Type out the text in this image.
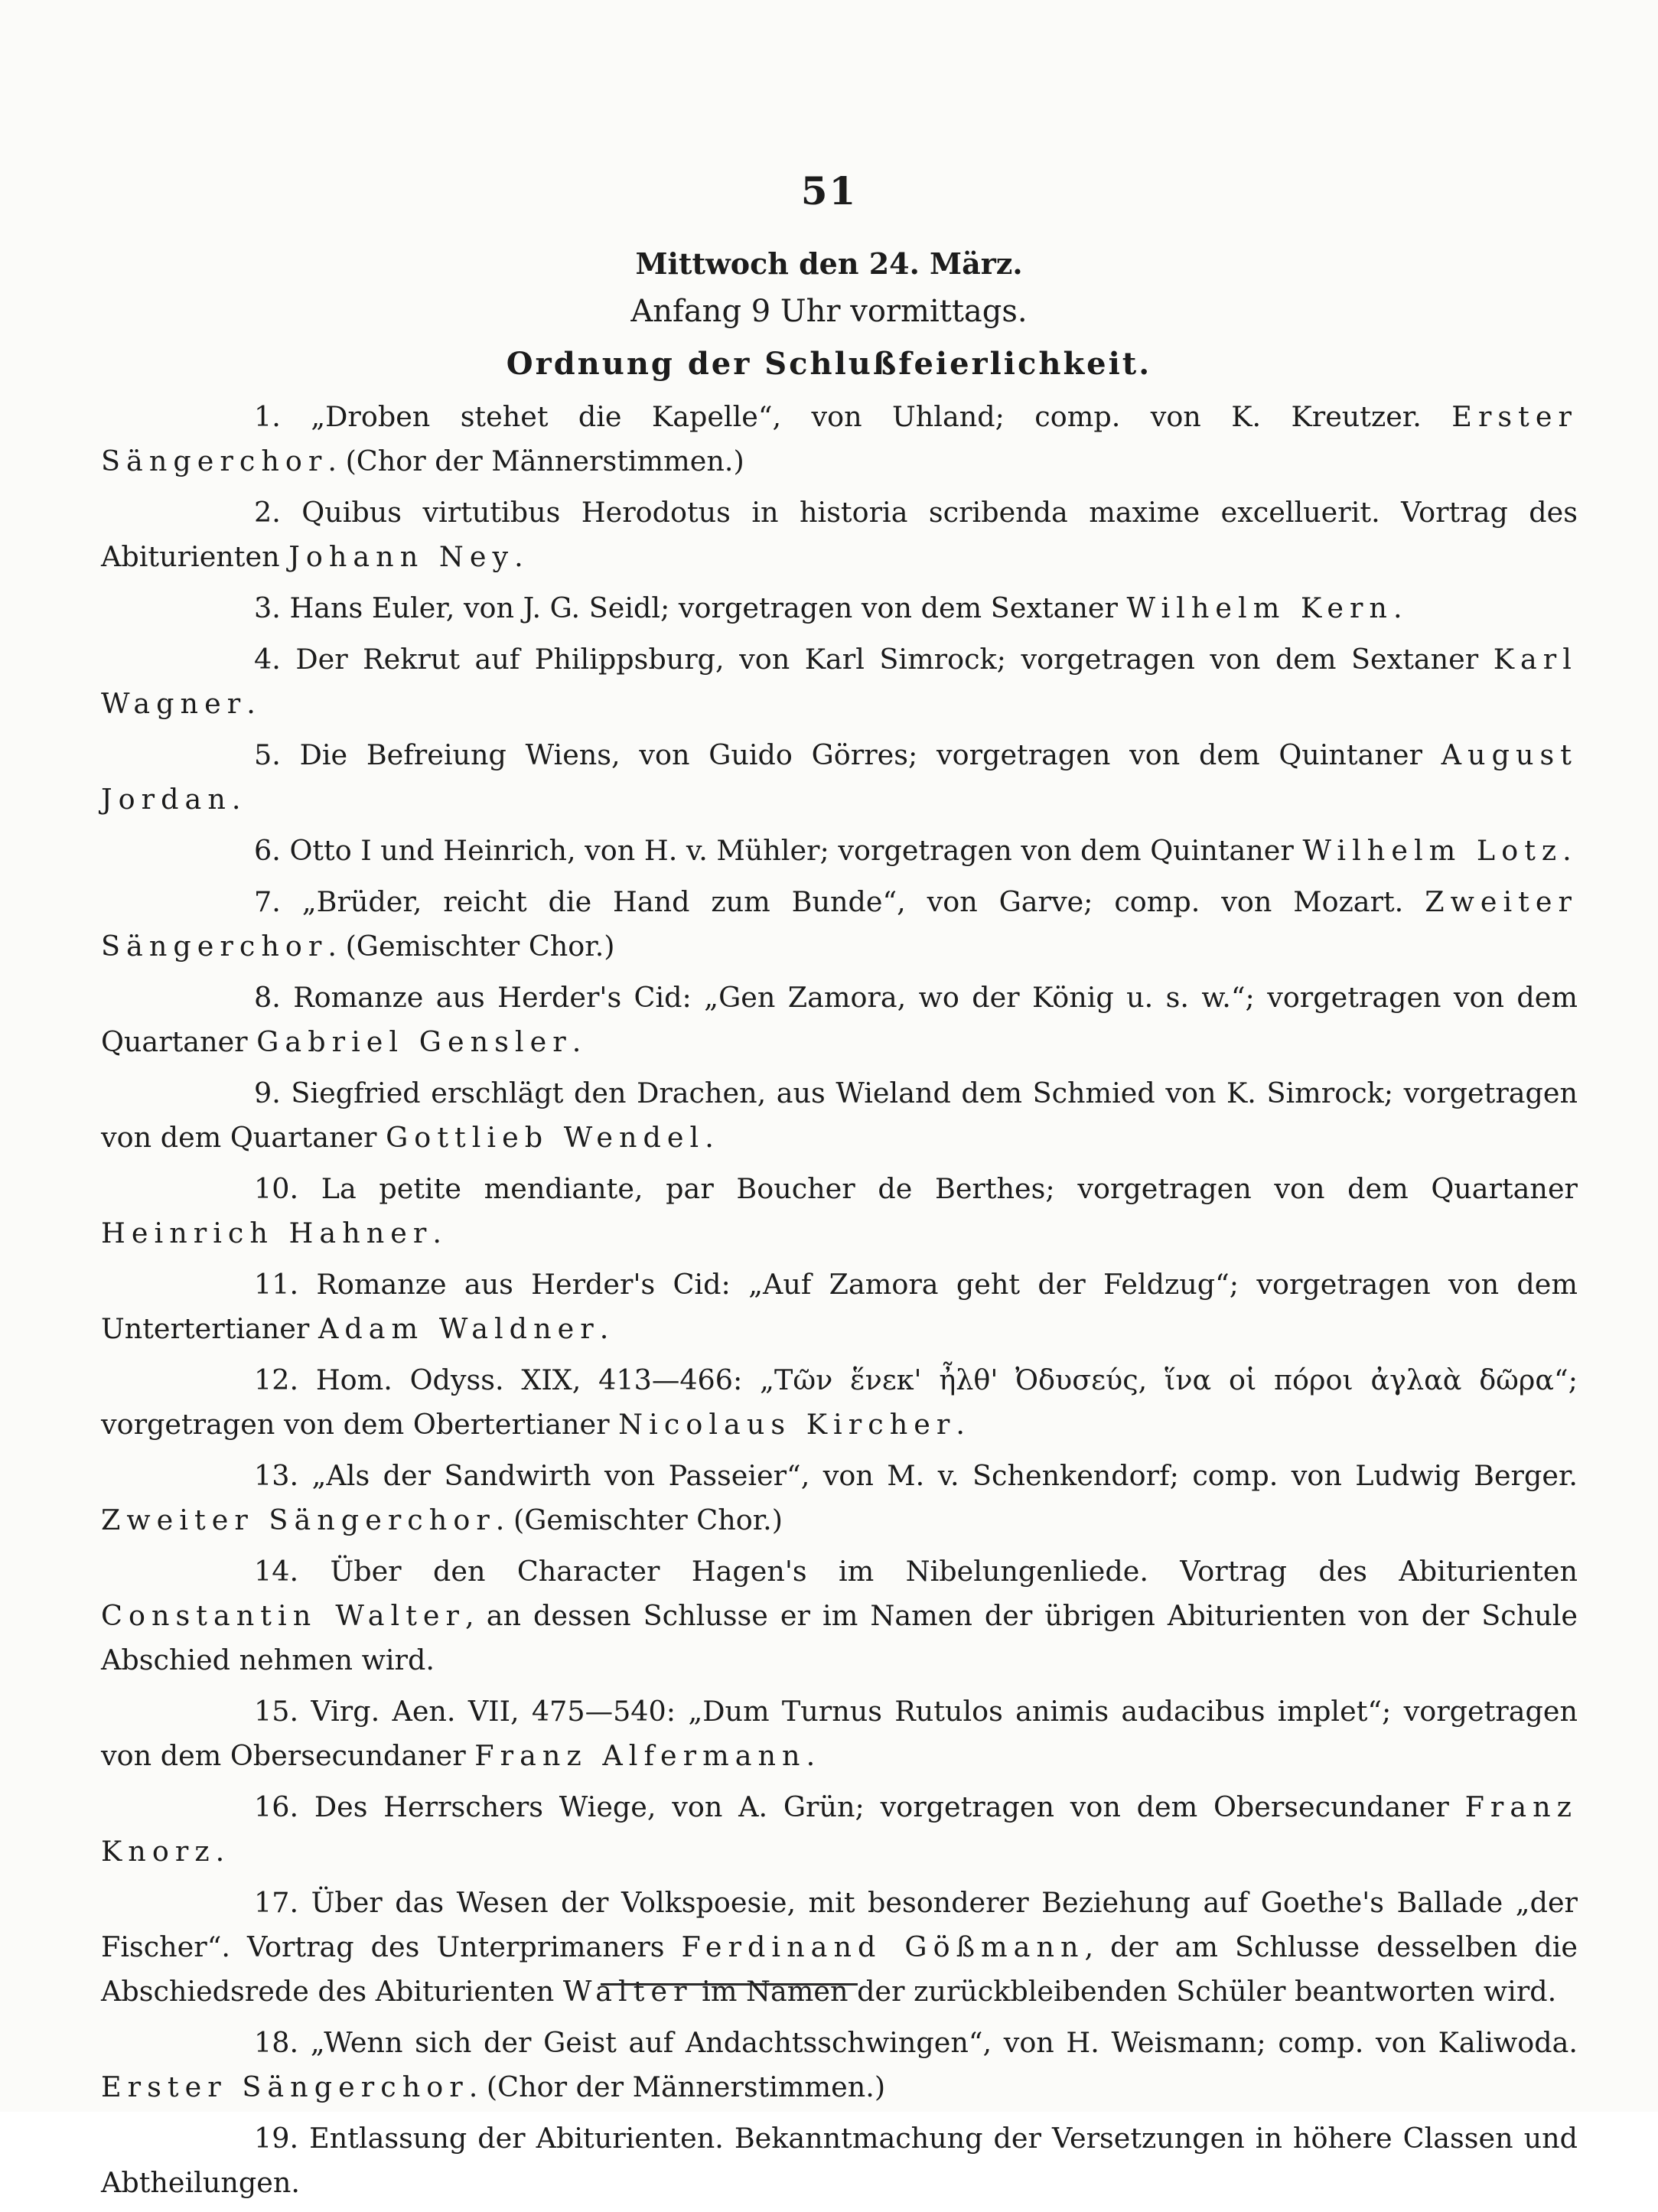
51
Mittwoch den 24. März.
Anfang 9 Uhr vormittags.
Ordnung der Schlußfeierlichkeit.
1. „Droben stehet die Kapelle“, von Uhland; comp. von K. Kreutzer. Erster Sängerchor. (Chor der Männerstimmen.)
2. Quibus virtutibus Herodotus in historia scribenda maxime excelluerit. Vortrag des Abiturienten Johann Ney.
3. Hans Euler, von J. G. Seidl; vorgetragen von dem Sextaner Wilhelm Kern.
4. Der Rekrut auf Philippsburg, von Karl Simrock; vorgetragen von dem Sextaner Karl Wagner.
5. Die Befreiung Wiens, von Guido Görres; vorgetragen von dem Quintaner August Jordan.
6. Otto I und Heinrich, von H. v. Mühler; vorgetragen von dem Quintaner Wilhelm Lotz.
7. „Brüder, reicht die Hand zum Bunde“, von Garve; comp. von Mozart. Zweiter Sängerchor. (Gemischter Chor.)
8. Romanze aus Herder's Cid: „Gen Zamora, wo der König u. s. w.“; vorgetragen von dem Quartaner Gabriel Gensler.
9. Siegfried erschlägt den Drachen, aus Wieland dem Schmied von K. Simrock; vorgetragen von dem Quartaner Gottlieb Wendel.
10. La petite mendiante, par Boucher de Berthes; vorgetragen von dem Quartaner Heinrich Hahner.
11. Romanze aus Herder's Cid: „Auf Zamora geht der Feldzug“; vorgetragen von dem Untertertianer Adam Waldner.
12. Hom. Odyss. XIX, 413—466: „Τῶν ἕνεκ' ἦλθ' Ὀδυσεύς, ἵνα οἱ πόροι ἀγλαὰ δῶρα“; vorgetragen von dem Obertertianer Nicolaus Kircher.
13. „Als der Sandwirth von Passeier“, von M. v. Schenkendorf; comp. von Ludwig Berger. Zweiter Sängerchor. (Gemischter Chor.)
14. Über den Character Hagen's im Nibelungenliede. Vortrag des Abiturienten Constantin Walter, an dessen Schlusse er im Namen der übrigen Abiturienten von der Schule Abschied nehmen wird.
15. Virg. Aen. VII, 475—540: „Dum Turnus Rutulos animis audacibus implet“; vorgetragen von dem Obersecundaner Franz Alfermann.
16. Des Herrschers Wiege, von A. Grün; vorgetragen von dem Obersecundaner Franz Knorz.
17. Über das Wesen der Volkspoesie, mit besonderer Beziehung auf Goethe's Ballade „der Fischer“. Vortrag des Unterprimaners Ferdinand Gößmann, der am Schlusse desselben die Abschiedsrede des Abiturienten Walter im Namen der zurückbleibenden Schüler beantworten wird.
18. „Wenn sich der Geist auf Andachtsschwingen“, von H. Weismann; comp. von Kaliwoda. Erster Sängerchor. (Chor der Männerstimmen.)
19. Entlassung der Abiturienten. Bekanntmachung der Versetzungen in höhere Classen und Abtheilungen.
